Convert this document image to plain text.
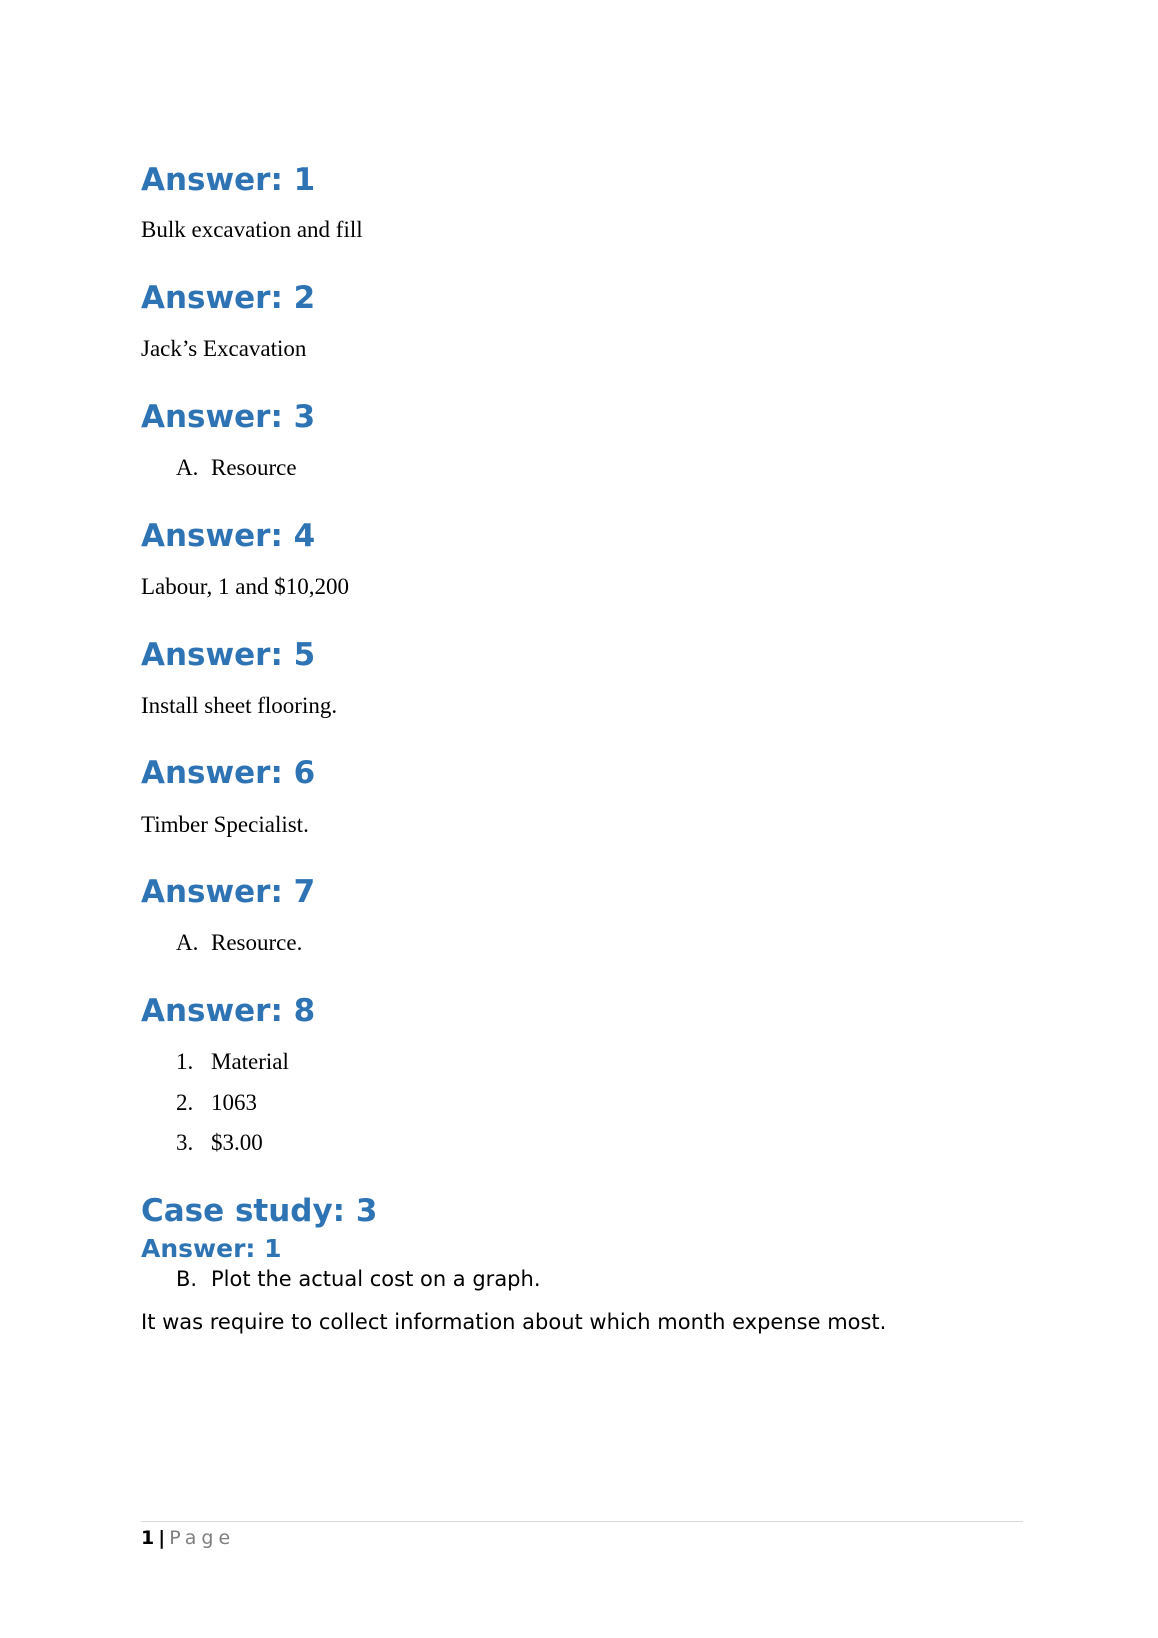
Answer: 1

Bulk excavation and fill

Answer: 2

Jack’s Excavation

Answer: 3
A. Resource
Answer: 4

Labour, 1 and $10,200

Answer: 5

Install sheet flooring.

Answer: 6

Timber Specialist.

Answer: 7
A. Resource.
Answer: 8
1. Material
2. 1063
3. $3.00
Case study: 3
Answer: 1
B. Plot the actual cost on a graph.

It was require to collect information about which month expense most.

1 | Page
